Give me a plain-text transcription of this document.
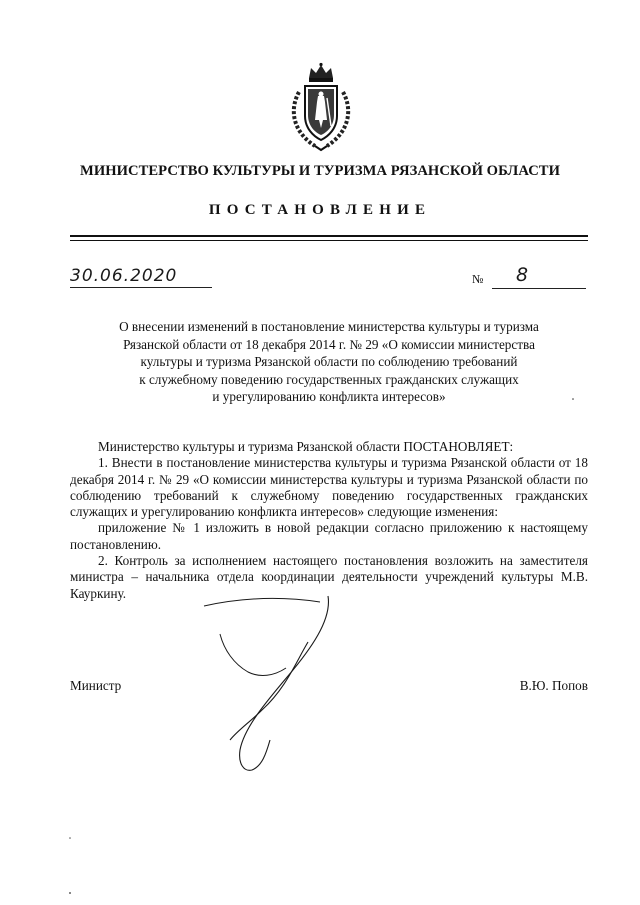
МИНИСТЕРСТВО КУЛЬТУРЫ И ТУРИЗМА РЯЗАНСКОЙ ОБЛАСТИ
ПОСТАНОВЛЕНИЕ
30.06.2020	№ 8
О внесении изменений в постановление министерства культуры и туризма
Рязанской области от 18 декабря 2014 г. № 29 «О комиссии министерства
культуры и туризма Рязанской области по соблюдению требований
к служебному поведению государственных гражданских служащих
и урегулированию конфликта интересов»

Министерство культуры и туризма Рязанской области ПОСТАНОВЛЯЕТ:

1. Внести в постановление министерства культуры и туризма Рязанской области от 18 декабря 2014 г. № 29 «О комиссии министерства культуры и туризма Рязанской области по соблюдению требований к служебному поведению государственных гражданских служащих и урегулированию конфликта интересов» следующие изменения:

приложение № 1 изложить в новой редакции согласно приложению к настоящему постановлению.

2. Контроль за исполнением настоящего постановления возложить на заместителя министра – начальника отдела координации деятельности учреждений культуры М.В. Кауркину.

Министр	В.Ю. Попов
